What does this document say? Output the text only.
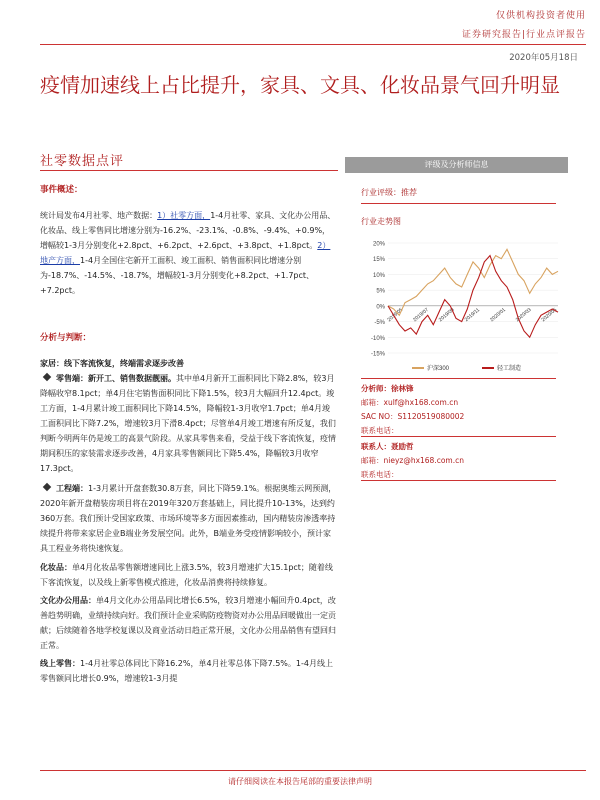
仅供机构投资者使用
证券研究报告|行业点评报告
2020年05月18日
疫情加速线上占比提升，家具、文具、化妆品景气回升明显
社零数据点评
事件概述：

统计局发布4月社零、地产数据：1）社零方面，1-4月社零、家具、文化办公用品、化妆品、线上零售同比增速分别为-16.2%、-23.1%、-0.8%、-9.4%、+0.9%，增幅较1-3月分别变化+2.8pct、+6.2pct、+2.6pct、+3.8pct、+1.8pct。2）地产方面，1-4月全国住宅新开工面积、竣工面积、销售面积同比增速分别为-18.7%、-14.5%、-18.7%，增幅较1-3月分别变化+8.2pct、+1.7pct、+7.2pct。

分析与判断：

家居：线下客流恢复，终端需求逐步改善

零售端：新开工、销售数据靓丽。其中单4月新开工面积同比下降2.8%，较3月降幅收窄8.1pct；单4月住宅销售面积同比下降1.5%，较3月大幅回升12.4pct。竣工方面，1-4月累计竣工面积同比下降14.5%，降幅较1-3月收窄1.7pct；单4月竣工面积同比下降7.2%，增速较3月下滑8.4pct；尽管单4月竣工增速有所反复，我们判断今明两年仍是竣工的高景气阶段。从家具零售来看，受益于线下客流恢复，疫情期间积压的家装需求逐步改善，4月家具零售额同比下降5.4%，降幅较3月收窄17.3pct。

工程端：1-3月累计开盘套数30.8万套，同比下降59.1%。根据奥维云网预测，2020年新开盘精装房项目将在2019年320万套基础上，同比提升10-13%，达到约360万套。我们预计受国家政策、市场环境等多方面因素推动，国内精装房渗透率持续提升将带来家居企业B端业务发展空间。此外，B端业务受疫情影响较小，预计家具工程业务将快速恢复。

化妆品：单4月化妆品零售额增速同比上涨3.5%，较3月增速扩大15.1pct；随着线下客流恢复，以及线上新零售模式推进，化妆品消费将持续修复。

文化办公用品：单4月文化办公用品同比增长6.5%，较3月增速小幅回升0.4pct，改善趋势明确，业绩持续向好。我们预计企业采购防疫物资对办公用品回暖做出一定贡献；后续随着各地学校复课以及商业活动日趋正常开展，文化办公用品销售有望回归正常。

线上零售：1-4月社零总体同比下降16.2%，单4月社零总体下降7.5%。1-4月线上零售额同比增长0.9%，增速较1-3月提

评级及分析师信息
行业评级：推荐
行业走势图
20%
15%
10%
5%
0%
-5%
-10%
-15%
2019/05 2019/07 2019/09 2019/11 2020/01 2020/03 2020/05
沪深300	轻工制造
分析师：徐林锋
邮箱：xulf@hx168.com.cn
SAC NO：S1120519080002
联系电话：
联系人：聂励哲
邮箱：nieyz@hx168.com.cn
联系电话：
请仔细阅读在本报告尾部的重要法律声明
